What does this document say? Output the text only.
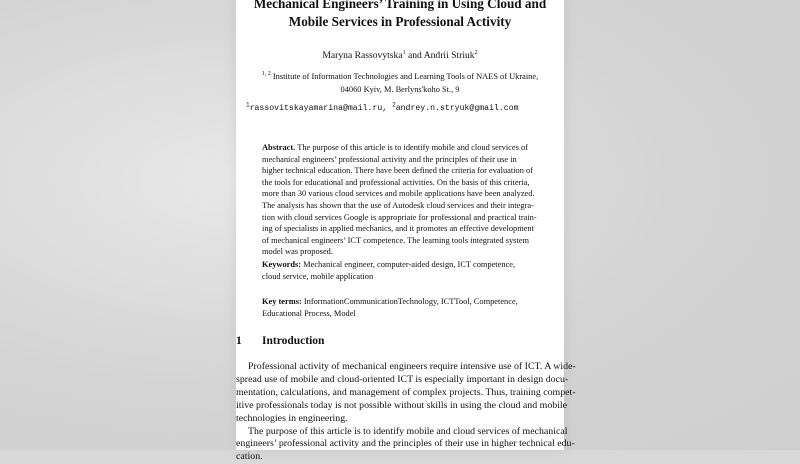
Mechanical Engineers’ Training in Using Cloud and
Mobile Services in Professional Activity
Maryna Rassovytska$^1$ and Andrii Striuk$^2$
$^{1, 2}$ Institute of Information Technologies and Learning Tools of NAES of Ukraine,
04060 Kyiv, M. Berlyns'koho St., 9
$^1$rassovitskayamarina@mail.ru, $^2$andrey.n.stryuk@gmail.com
Abstract. The purpose of this article is to identify mobile and cloud services of
mechanical engineers’ professional activity and the principles of their use in
higher technical education. There have been defined the criteria for evaluation of
the tools for educational and professional activities. On the basis of this criteria,
more than 30 various cloud services and mobile applications have been analyzed.
The analysis has shown that the use of Autodesk cloud services and their integra-
tion with cloud services Google is appropriate for professional and practical train-
ing of specialists in applied mechanics, and it promotes an effective development
of mechanical engineers’ ICT competence. The learning tools integrated system
model was proposed.
Keywords: Mechanical engineer, computer-aided design, ICT competence,
cloud service, mobile application
Key terms: InformationCommunicationTechnology, ICTTool, Competence,
Educational Process, Model
1 Introduction
Professional activity of mechanical engineers require intensive use of ICT. A wide-
spread use of mobile and cloud-oriented ICT is especially important in design docu-
mentation, calculations, and management of complex projects. Thus, training compet-
itive professionals today is not possible without skills in using the cloud and mobile
technologies in engineering.
The purpose of this article is to identify mobile and cloud services of mechanical
engineers’ professional activity and the principles of their use in higher technical edu-
cation.
